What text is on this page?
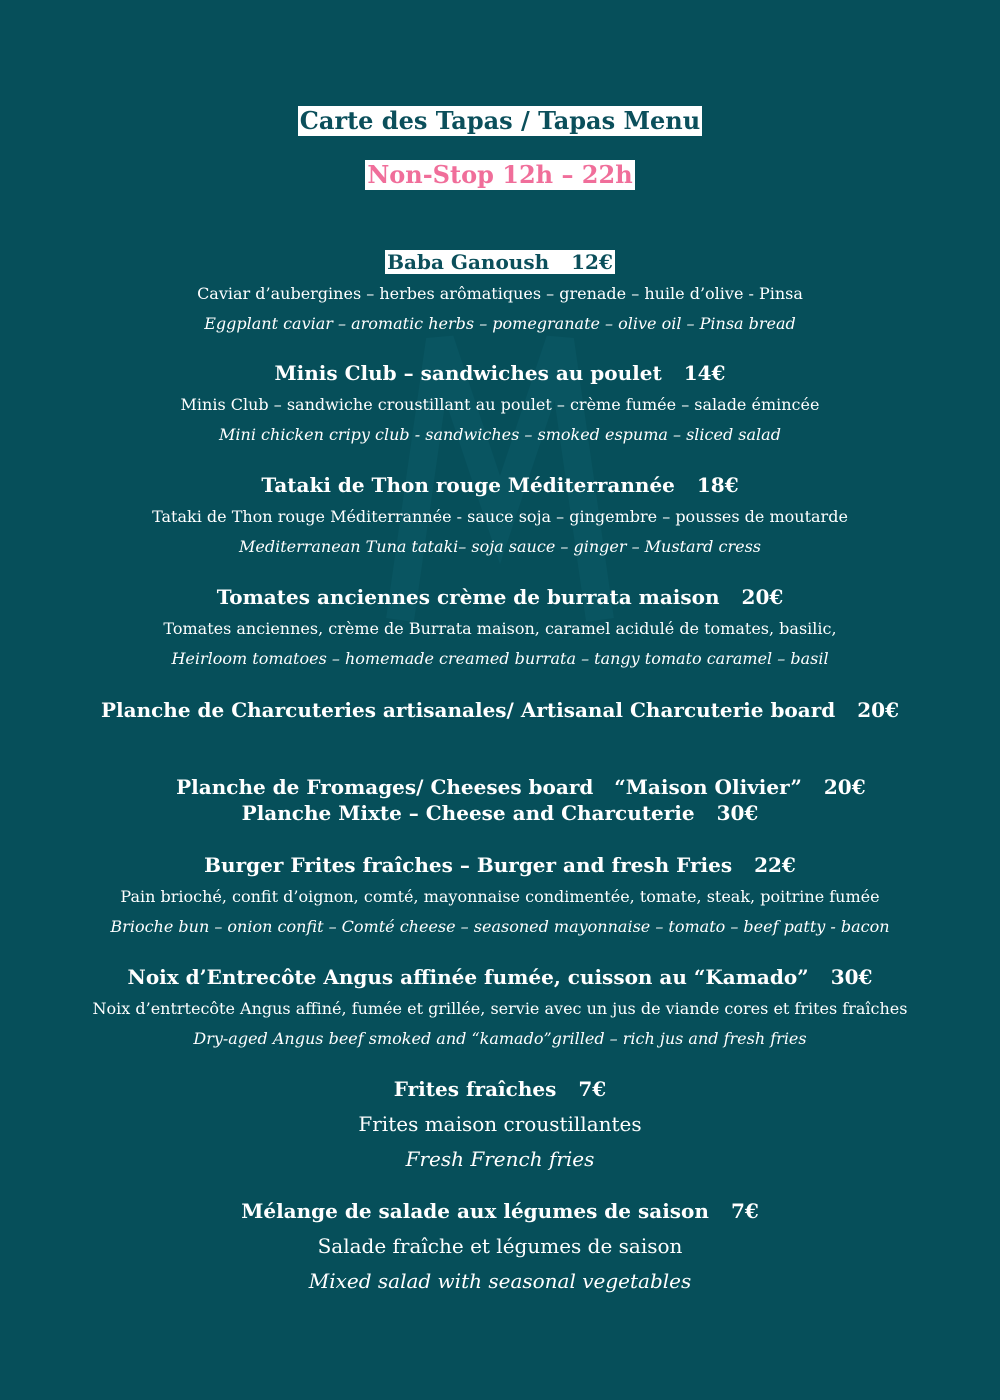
Carte des Tapas / Tapas Menu
Non-Stop 12h – 22h
Baba Ganoush 12€
Caviar d’aubergines – herbes arômatiques – grenade – huile d’olive - Pinsa
Eggplant caviar – aromatic herbs – pomegranate – olive oil – Pinsa bread
Minis Club – sandwiches au poulet 14€
Minis Club – sandwiche croustillant au poulet – crème fumée – salade émincée
Mini chicken cripy club - sandwiches – smoked espuma – sliced salad
Tataki de Thon rouge Méditerrannée 18€
Tataki de Thon rouge Méditerrannée - sauce soja – gingembre – pousses de moutarde
Mediterranean Tuna tataki– soja sauce – ginger – Mustard cress
Tomates anciennes crème de burrata maison 20€
Tomates anciennes, crème de Burrata maison, caramel acidulé de tomates, basilic,
Heirloom tomatoes – homemade creamed burrata – tangy tomato caramel – basil
Planche de Charcuteries artisanales/ Artisanal Charcuterie board 20€

Planche de Fromages/ Cheeses board   “Maison Olivier” 20€

Planche Mixte – Cheese and Charcuterie 30€
Burger Frites fraîches – Burger and fresh Fries 22€
Pain brioché, confit d’oignon, comté, mayonnaise condimentée, tomate, steak, poitrine fumée
Brioche bun – onion confit – Comté cheese – seasoned mayonnaise – tomato – beef patty - bacon
Noix d’Entrecôte Angus affinée fumée, cuisson au “Kamado” 30€
Noix d’entrtecôte Angus affiné, fumée et grillée, servie avec un jus de viande cores et frites fraîches
Dry-aged Angus beef smoked and “kamado”grilled – rich jus and fresh fries
Frites fraîches 7€
Frites maison croustillantes
Fresh French fries
Mélange de salade aux légumes de saison 7€
Salade fraîche et légumes de saison
Mixed salad with seasonal vegetables
